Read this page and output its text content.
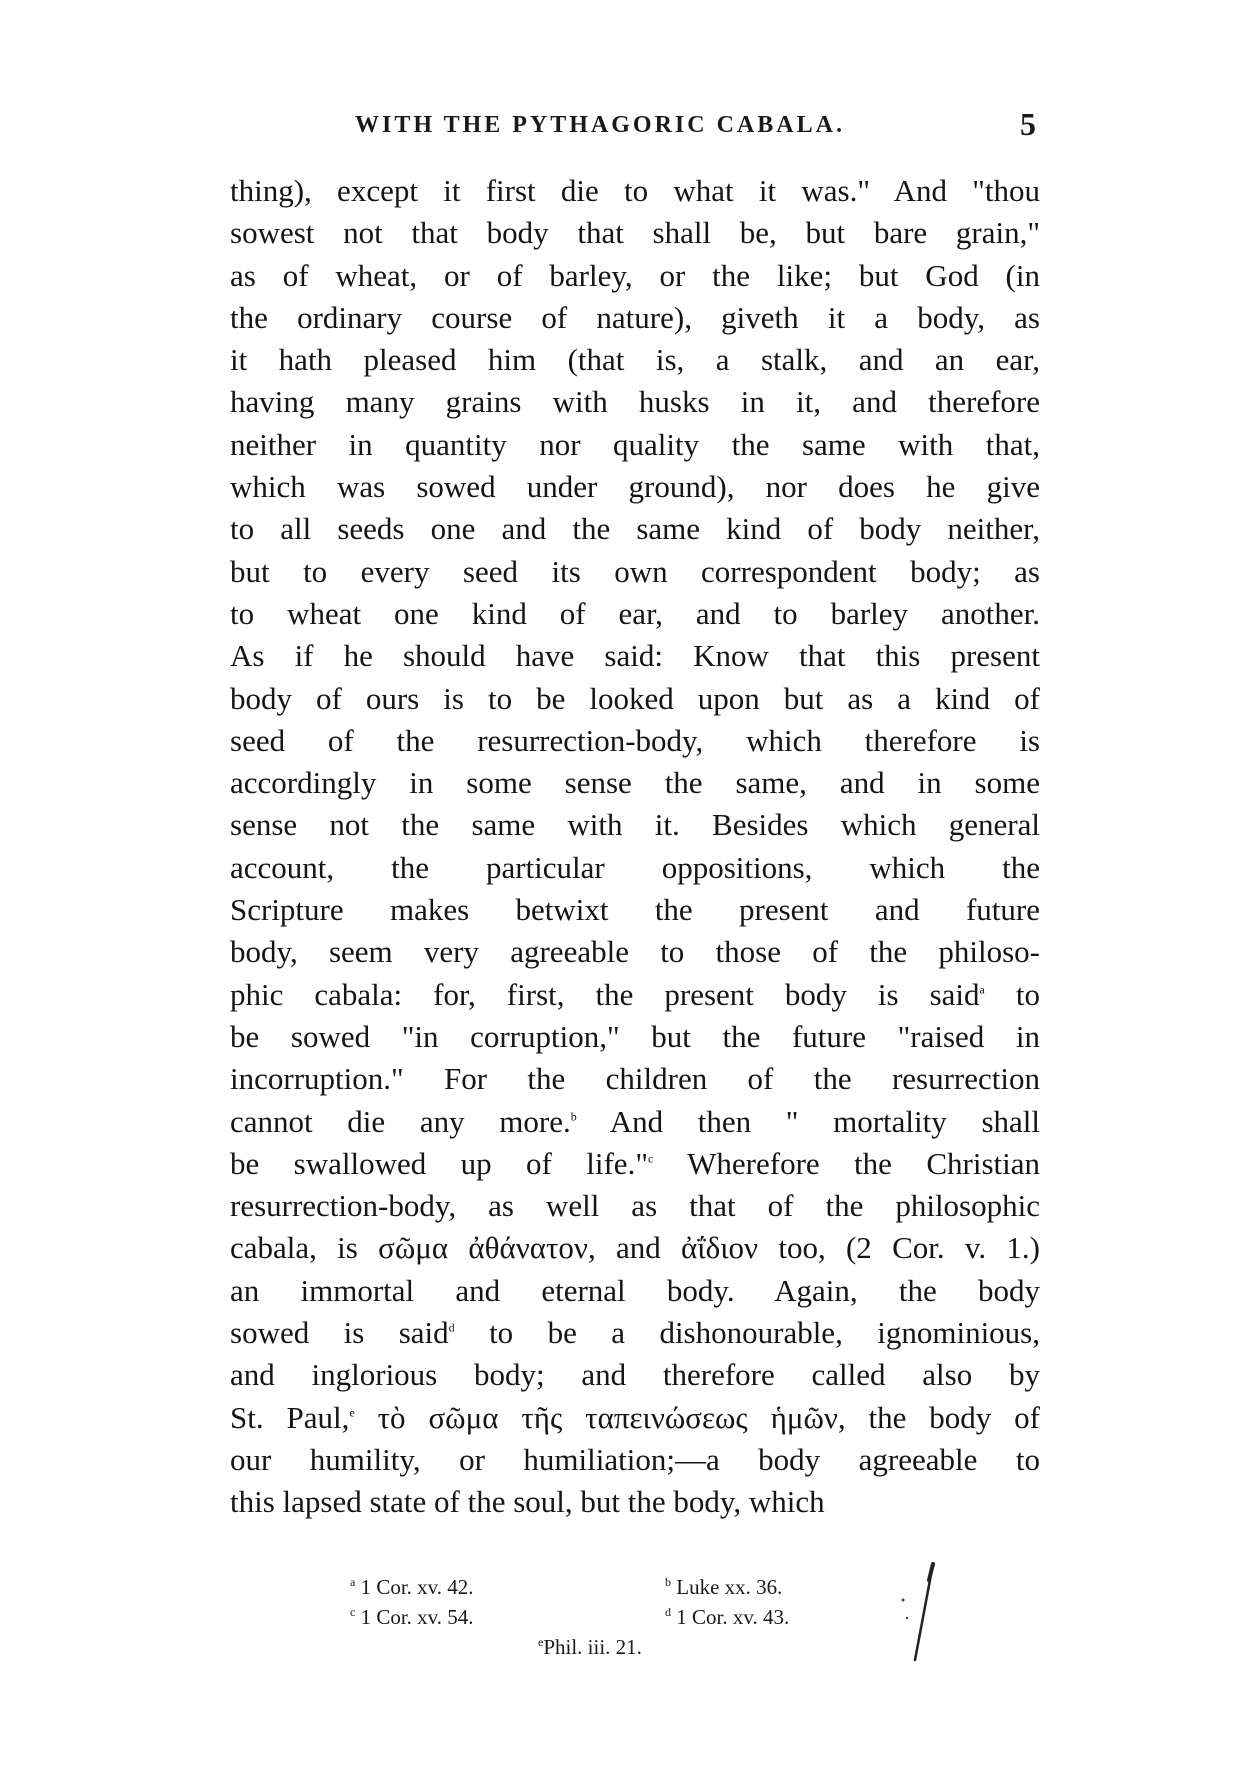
WITH THE PYTHAGORIC CABALA.	5
thing), except it first die to what it was." And "thou
sowest not that body that shall be, but bare grain,"
as of wheat, or of barley, or the like; but God (in
the ordinary course of nature), giveth it a body, as
it hath pleased him (that is, a stalk, and an ear,
having many grains with husks in it, and therefore
neither in quantity nor quality the same with that,
which was sowed under ground), nor does he give
to all seeds one and the same kind of body neither,
but to every seed its own correspondent body; as
to wheat one kind of ear, and to barley another.
As if he should have said: Know that this present
body of ours is to be looked upon but as a kind of
seed of the resurrection-body, which therefore is
accordingly in some sense the same, and in some
sense not the same with it. Besides which general
account, the particular oppositions, which the
Scripture makes betwixt the present and future
body, seem very agreeable to those of the philoso-
phic cabala: for, first, the present body is said$^a$ to
be sowed "in corruption," but the future "raised in
incorruption." For the children of the resurrection
cannot die any more.$^b$ And then " mortality shall
be swallowed up of life."$^c$ Wherefore the Christian
resurrection-body, as well as that of the philosophic
cabala, is σῶμα ἀθάνατον, and ἀΐδιον too, (2 Cor. v. 1.)
an immortal and eternal body. Again, the body
sowed is said$^d$ to be a dishonourable, ignominious,
and inglorious body; and therefore called also by
St. Paul,$^e$ τὸ σῶμα τῆς ταπεινώσεως ἡμῶν, the body of
our humility, or humiliation;—a body agreeable to
this lapsed state of the soul, but the body, which
$^a$ 1 Cor. xv. 42.	$^b$ Luke xx. 36.
$^c$ 1 Cor. xv. 54.	$^d$ 1 Cor. xv. 43.
$^e$Phil. iii. 21.
